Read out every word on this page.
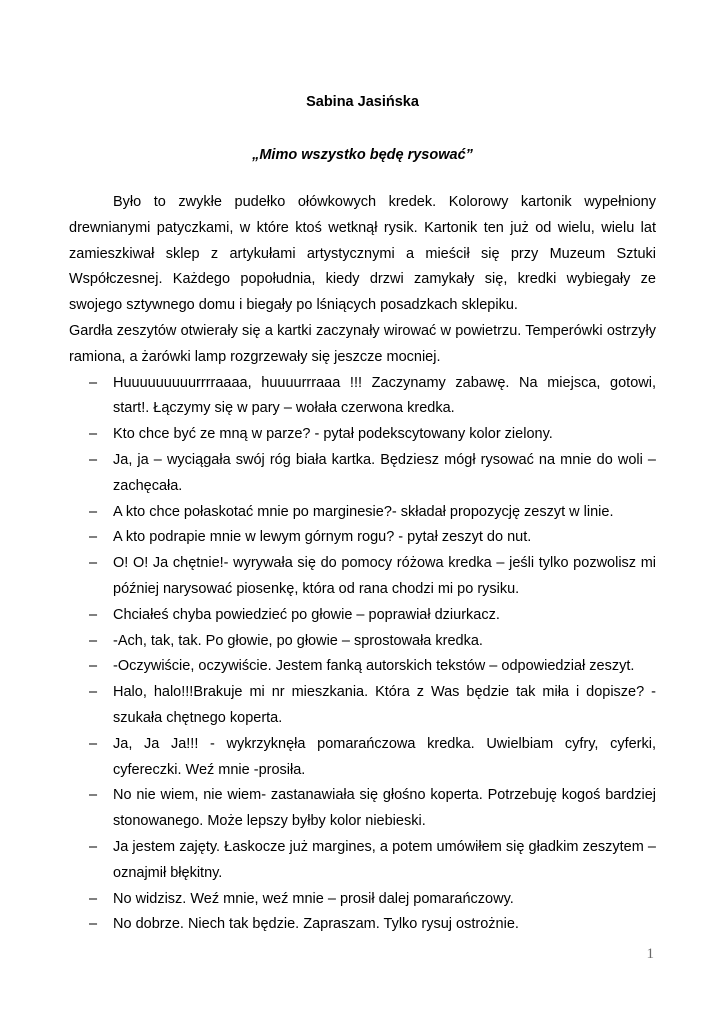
Sabina Jasińska
„Mimo wszystko będę rysować”

Było to zwykłe pudełko ołówkowych kredek. Kolorowy kartonik wypełniony drewnianymi patyczkami, w które ktoś wetknął rysik. Kartonik ten już od wielu, wielu lat zamieszkiwał sklep z artykułami artystycznymi a mieścił się przy Muzeum Sztuki Współczesnej. Każdego popołudnia, kiedy drzwi zamykały się, kredki wybiegały ze swojego sztywnego domu i biegały po lśniących posadzkach sklepiku.

Gardła zeszytów otwierały się a kartki zaczynały wirować w powietrzu. Temperówki ostrzyły ramiona, a żarówki lamp rozgrzewały się jeszcze mocniej.

– Huuuuuuuuurrrraaaa, huuuurrraaa !!! Zaczynamy zabawę. Na miejsca, gotowi, start!. Łączymy się w pary – wołała czerwona kredka.
– Kto chce być ze mną w parze? - pytał podekscytowany kolor zielony.
– Ja, ja – wyciągała swój róg biała kartka. Będziesz mógł rysować na mnie do woli – zachęcała.
– A kto chce połaskotać mnie po marginesie?- składał propozycję zeszyt w linie.
– A kto podrapie mnie w lewym górnym rogu? - pytał zeszyt do nut.
– O! O! Ja chętnie!- wyrywała się do pomocy różowa kredka – jeśli tylko pozwolisz mi później narysować piosenkę, która od rana chodzi mi po rysiku.
– Chciałeś chyba powiedzieć po głowie – poprawiał dziurkacz.
– -Ach, tak, tak. Po głowie, po głowie – sprostowała kredka.
– -Oczywiście, oczywiście. Jestem fanką autorskich tekstów – odpowiedział zeszyt.
– Halo, halo!!!Brakuje mi nr mieszkania. Która z Was będzie tak miła i dopisze? - szukała chętnego koperta.
– Ja, Ja Ja!!! - wykrzyknęła pomarańczowa kredka. Uwielbiam cyfry, cyferki, cyfereczki. Weź mnie -prosiła.
– No nie wiem, nie wiem- zastanawiała się głośno koperta. Potrzebuję kogoś bardziej stonowanego. Może lepszy byłby kolor niebieski.
– Ja jestem zajęty. Łaskocze już margines, a potem umówiłem się gładkim zeszytem – oznajmił błękitny.
– No widzisz. Weź mnie, weź mnie – prosił dalej pomarańczowy.
– No dobrze. Niech tak będzie. Zapraszam. Tylko rysuj ostrożnie.
1
